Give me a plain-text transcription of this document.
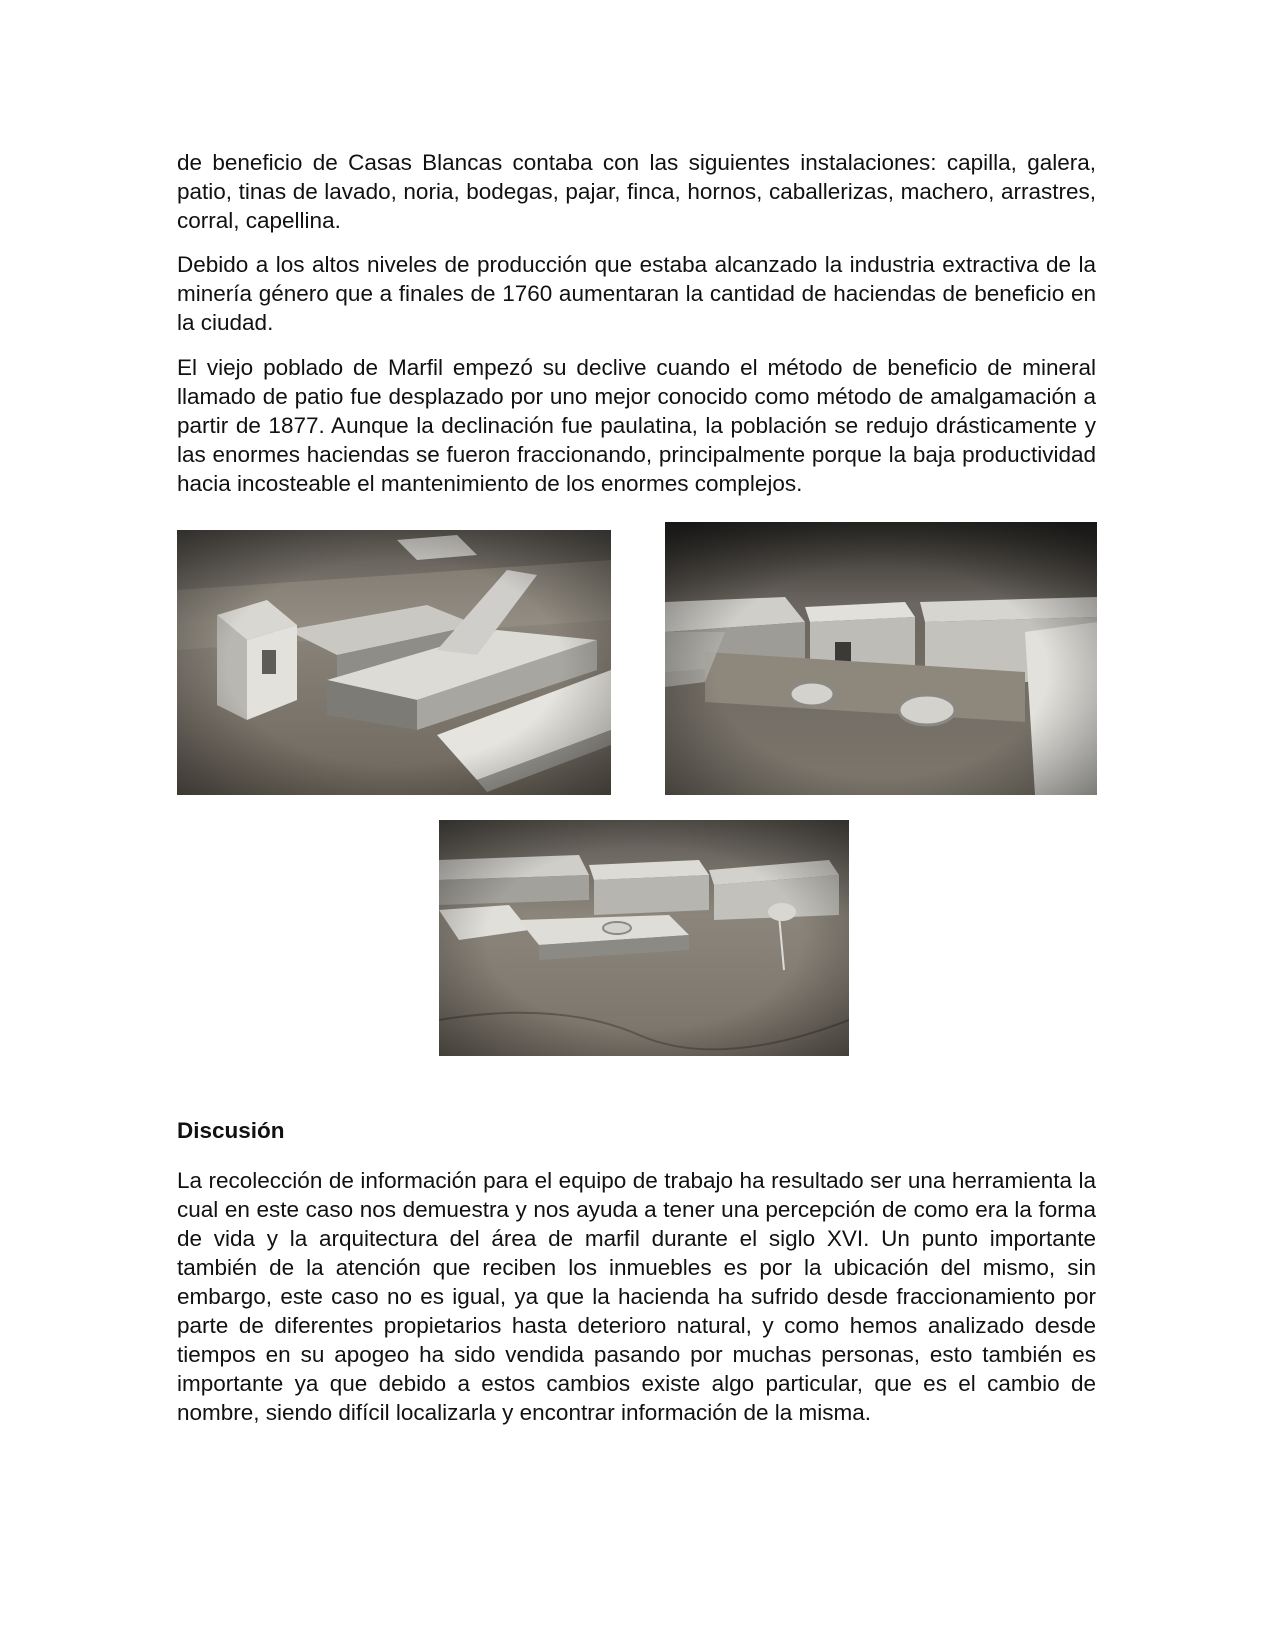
de beneficio de Casas Blancas contaba con las siguientes instalaciones: capilla, galera, patio, tinas de lavado, noria, bodegas, pajar, finca, hornos, caballerizas, machero, arrastres, corral, capellina.

Debido a los altos niveles de producción que estaba alcanzado la industria extractiva de la minería género que a finales de 1760 aumentaran la cantidad de haciendas de beneficio en la ciudad.

El viejo poblado de Marfil empezó su declive cuando el método de beneficio de mineral llamado de patio fue desplazado por uno mejor conocido como método de amalgamación a partir de 1877. Aunque la declinación fue paulatina, la población se redujo drásticamente y las enormes haciendas se fueron fraccionando, principalmente porque la baja productividad hacia incosteable el mantenimiento de los enormes complejos.

Discusión

La recolección de información para el equipo de trabajo ha resultado ser una herramienta la cual en este caso nos demuestra y nos ayuda a tener una percepción de como era la forma de vida y la arquitectura del área de marfil durante el siglo XVI. Un punto importante también de la atención que reciben los inmuebles es por la ubicación del mismo, sin embargo, este caso no es igual, ya que la hacienda ha sufrido desde fraccionamiento por parte de diferentes propietarios hasta deterioro natural, y como hemos analizado desde tiempos en su apogeo ha sido vendida pasando por muchas personas, esto también es importante ya que debido a estos cambios existe algo particular, que es el cambio de nombre, siendo difícil localizarla y encontrar información de la misma.
